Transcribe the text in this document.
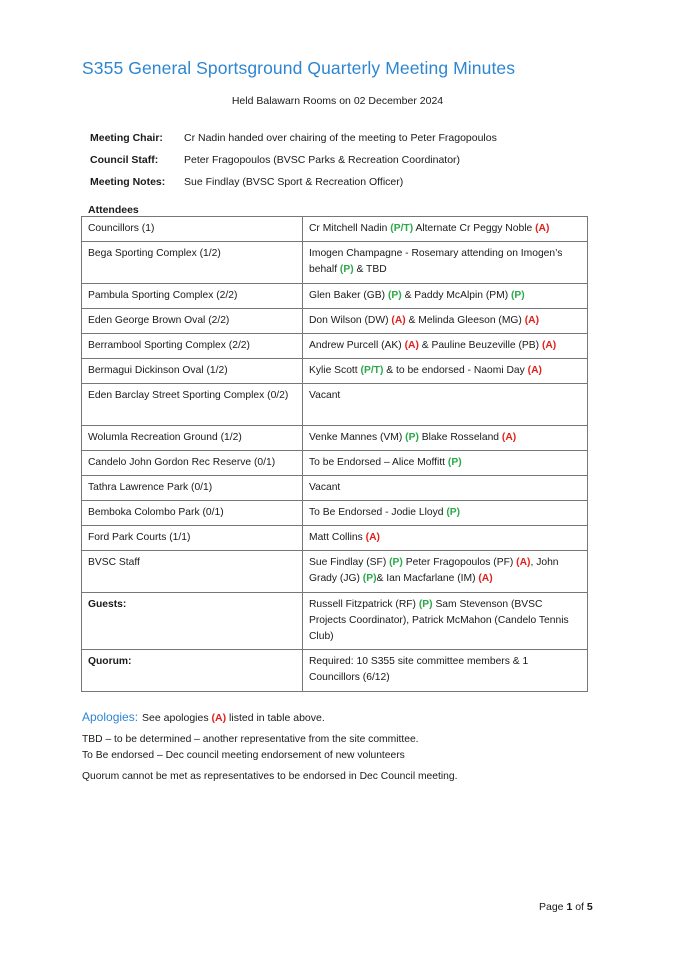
S355 General Sportsground Quarterly Meeting Minutes
Held Balawarn Rooms on 02 December 2024
Meeting Chair: Cr Nadin handed over chairing of the meeting to Peter Fragopoulos
Council Staff: Peter Fragopoulos (BVSC Parks & Recreation Coordinator)
Meeting Notes: Sue Findlay (BVSC Sport & Recreation Officer)
Attendees
Councillors (1)	Cr Mitchell Nadin (P/T) Alternate Cr Peggy Noble (A)
Bega Sporting Complex (1/2)	Imogen Champagne - Rosemary attending on Imogen’s behalf (P) & TBD
Pambula Sporting Complex (2/2)	Glen Baker (GB) (P) & Paddy McAlpin (PM) (P)
Eden George Brown Oval (2/2)	Don Wilson (DW) (A) & Melinda Gleeson (MG) (A)
Berrambool Sporting Complex (2/2)	Andrew Purcell (AK) (A) & Pauline Beuzeville (PB) (A)
Bermagui Dickinson Oval (1/2)	Kylie Scott (P/T) & to be endorsed - Naomi Day (A)
Eden Barclay Street Sporting Complex (0/2)	Vacant
Wolumla Recreation Ground (1/2)	Venke Mannes (VM) (P) Blake Rosseland (A)
Candelo John Gordon Rec Reserve (0/1)	To be Endorsed – Alice Moffitt (P)
Tathra Lawrence Park (0/1)	Vacant
Bemboka Colombo Park (0/1)	To Be Endorsed - Jodie Lloyd (P)
Ford Park Courts (1/1)	Matt Collins (A)
BVSC Staff	Sue Findlay (SF) (P) Peter Fragopoulos (PF) (A), John Grady (JG) (P)& Ian Macfarlane (IM) (A)
Guests:	Russell Fitzpatrick (RF) (P) Sam Stevenson (BVSC Projects Coordinator), Patrick McMahon (Candelo Tennis Club)
Quorum:	Required: 10 S355 site committee members & 1 Councillors (6/12)
Apologies: See apologies (A) listed in table above.
TBD – to be determined – another representative from the site committee.
To Be endorsed – Dec council meeting endorsement of new volunteers
Quorum cannot be met as representatives to be endorsed in Dec Council meeting.
Page 1 of 5
